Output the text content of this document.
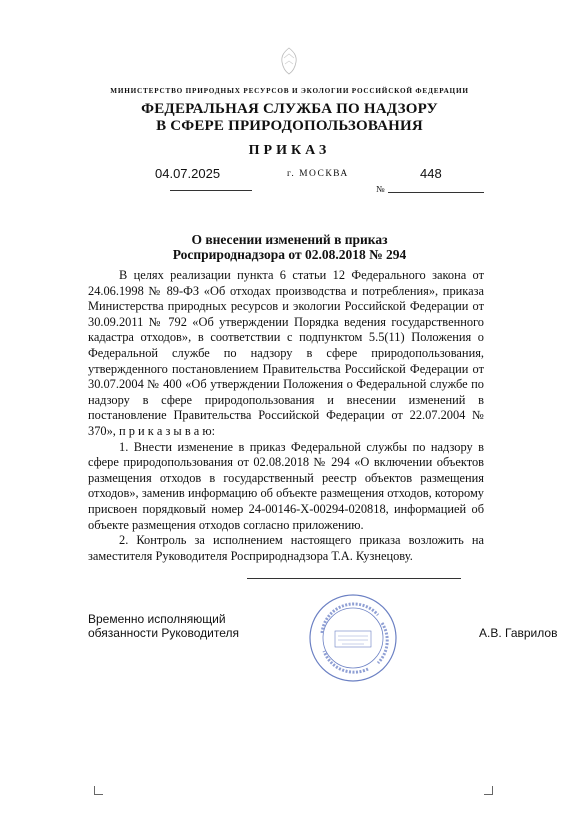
МИНИСТЕРСТВО ПРИРОДНЫХ РЕСУРСОВ И ЭКОЛОГИИ РОССИЙСКОЙ ФЕДЕРАЦИИ
ФЕДЕРАЛЬНАЯ СЛУЖБА ПО НАДЗОРУ
В СФЕРЕ ПРИРОДОПОЛЬЗОВАНИЯ
ПРИКАЗ
04.07.2025	г. МОСКВА
№
448
О внесении изменений в приказ
Росприроднадзора от 02.08.2018 № 294

В целях реализации пункта 6 статьи 12 Федерального закона от 24.06.1998 № 89-ФЗ «Об отходах производства и потребления», приказа Министерства природных ресурсов и экологии Российской Федерации от 30.09.2011 № 792 «Об утверждении Порядка ведения государственного кадастра отходов», в соответствии с подпунктом 5.5(11) Положения о Федеральной службе по надзору в сфере природопользования, утвержденного постановлением Правительства Российской Федерации от 30.07.2004 № 400 «Об утверждении Положения о Федеральной службе по надзору в сфере природопользования и внесении изменений в постановление Правительства Российской Федерации от 22.07.2004 № 370», п р и к а з ы в а ю:

1. Внести изменение в приказ Федеральной службы по надзору в сфере природопользования от 02.08.2018 № 294 «О включении объектов размещения отходов в государственный реестр объектов размещения отходов», заменив информацию об объекте размещения отходов, которому присвоен порядковый номер 24-00146-Х-00294-020818, информацией об объекте размещения отходов согласно приложению.

2. Контроль за исполнением настоящего приказа возложить на заместителя Руководителя Росприроднадзора Т.А. Кузнецову.

Временно исполняющий
обязанности Руководителя	А.В. Гаврилов
